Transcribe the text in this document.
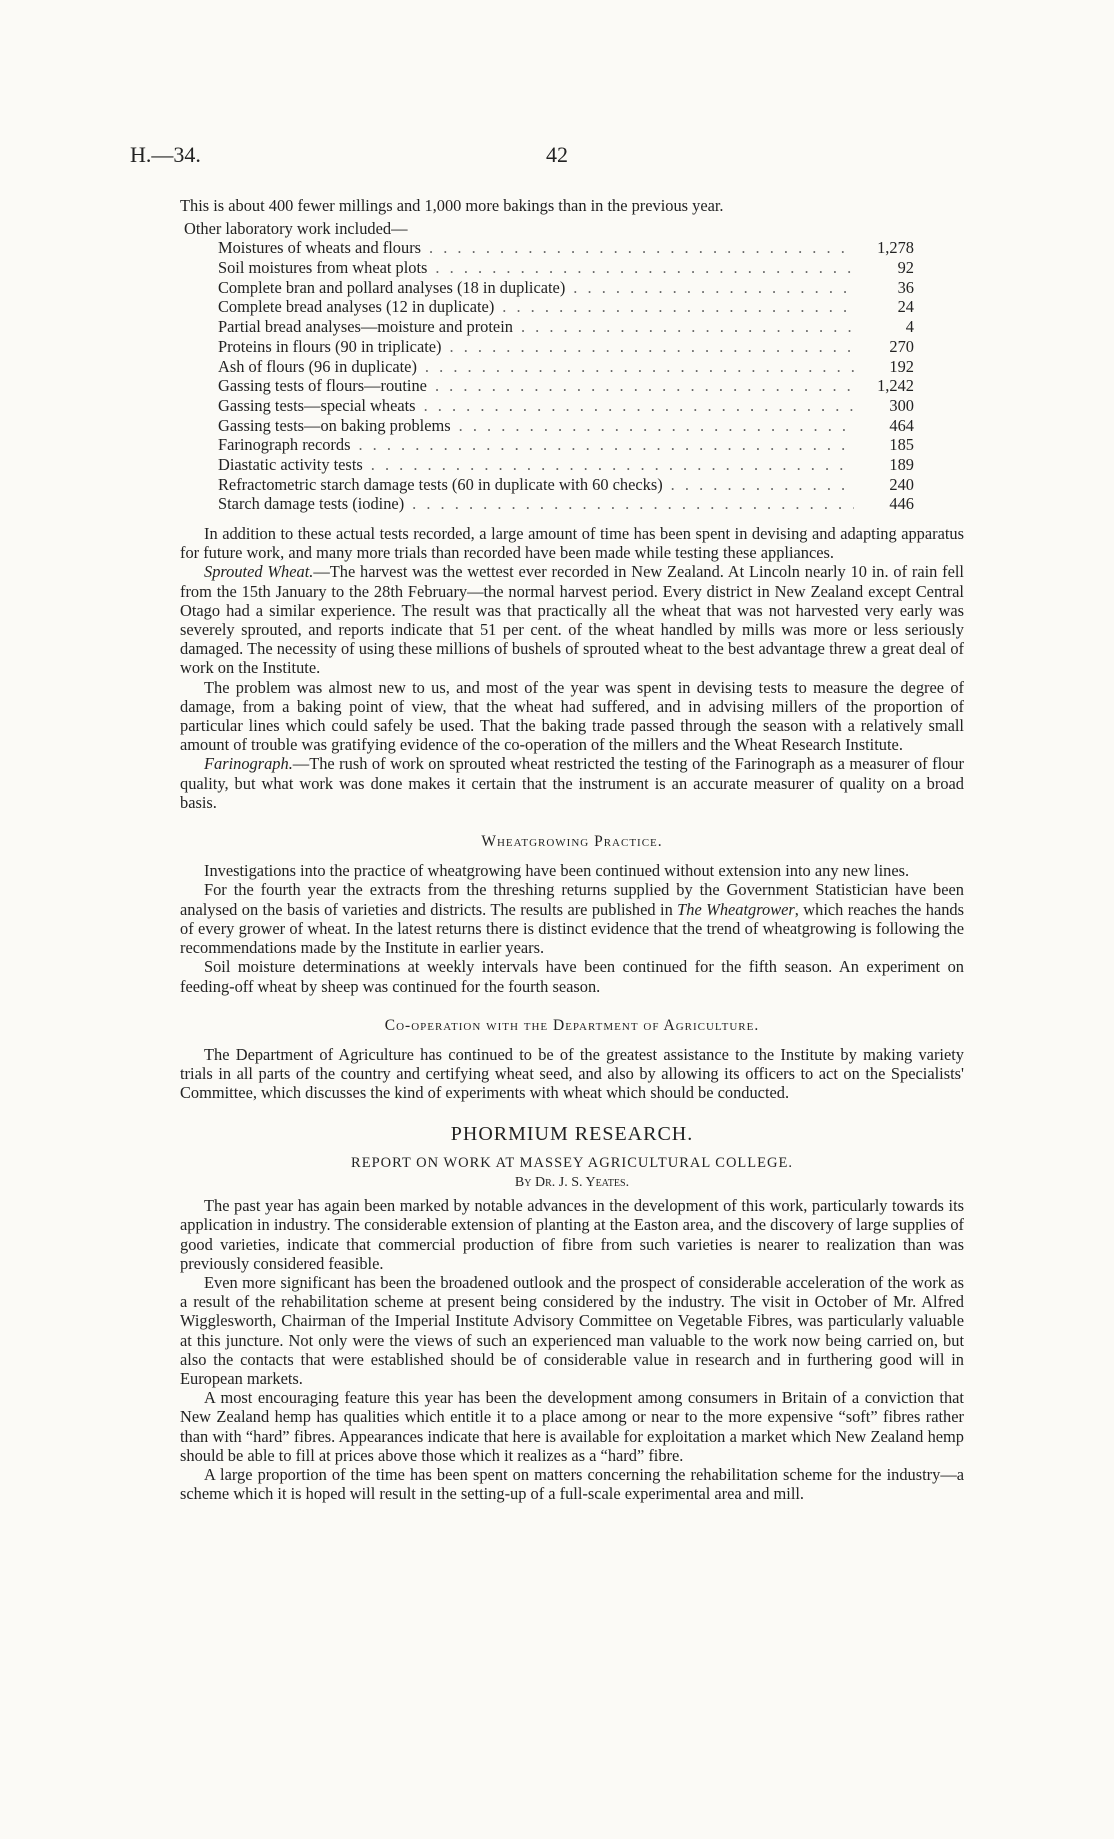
H.—34.	42

This is about 400 fewer millings and 1,000 more bakings than in the previous year.

Other laboratory work included—
Moistures of wheats and flours . . .	1,278
Soil moistures from wheat plots . . .	92
Complete bran and pollard analyses (18 in duplicate) . . .	36
Complete bread analyses (12 in duplicate) . . .	24
Partial bread analyses—moisture and protein . . .	4
Proteins in flours (90 in triplicate) . . .	270
Ash of flours (96 in duplicate) . . .	192
Gassing tests of flours—routine . . .	1,242
Gassing tests—special wheats . . .	300
Gassing tests—on baking problems . . .	464
Farinograph records . . .	185
Diastatic activity tests . . .	189
Refractometric starch damage tests (60 in duplicate with 60 checks) . . .	240
Starch damage tests (iodine) . . .	446

In addition to these actual tests recorded, a large amount of time has been spent in devising and adapting apparatus for future work, and many more trials than recorded have been made while testing these appliances.

Sprouted Wheat.—The harvest was the wettest ever recorded in New Zealand. At Lincoln nearly 10 in. of rain fell from the 15th January to the 28th February—the normal harvest period. Every district in New Zealand except Central Otago had a similar experience. The result was that practically all the wheat that was not harvested very early was severely sprouted, and reports indicate that 51 per cent. of the wheat handled by mills was more or less seriously damaged. The necessity of using these millions of bushels of sprouted wheat to the best advantage threw a great deal of work on the Institute.

The problem was almost new to us, and most of the year was spent in devising tests to measure the degree of damage, from a baking point of view, that the wheat had suffered, and in advising millers of the proportion of particular lines which could safely be used. That the baking trade passed through the season with a relatively small amount of trouble was gratifying evidence of the co-operation of the millers and the Wheat Research Institute.

Farinograph.—The rush of work on sprouted wheat restricted the testing of the Farinograph as a measurer of flour quality, but what work was done makes it certain that the instrument is an accurate measurer of quality on a broad basis.

Wheatgrowing Practice.

Investigations into the practice of wheatgrowing have been continued without extension into any new lines.

For the fourth year the extracts from the threshing returns supplied by the Government Statistician have been analysed on the basis of varieties and districts. The results are published in The Wheatgrower, which reaches the hands of every grower of wheat. In the latest returns there is distinct evidence that the trend of wheatgrowing is following the recommendations made by the Institute in earlier years.

Soil moisture determinations at weekly intervals have been continued for the fifth season. An experiment on feeding-off wheat by sheep was continued for the fourth season.

Co-operation with the Department of Agriculture.

The Department of Agriculture has continued to be of the greatest assistance to the Institute by making variety trials in all parts of the country and certifying wheat seed, and also by allowing its officers to act on the Specialists' Committee, which discusses the kind of experiments with wheat which should be conducted.

PHORMIUM RESEARCH.
REPORT ON WORK AT MASSEY AGRICULTURAL COLLEGE.
By Dr. J. S. Yeates.

The past year has again been marked by notable advances in the development of this work, particularly towards its application in industry. The considerable extension of planting at the Easton area, and the discovery of large supplies of good varieties, indicate that commercial production of fibre from such varieties is nearer to realization than was previously considered feasible.

Even more significant has been the broadened outlook and the prospect of considerable acceleration of the work as a result of the rehabilitation scheme at present being considered by the industry. The visit in October of Mr. Alfred Wigglesworth, Chairman of the Imperial Institute Advisory Committee on Vegetable Fibres, was particularly valuable at this juncture. Not only were the views of such an experienced man valuable to the work now being carried on, but also the contacts that were established should be of considerable value in research and in furthering good will in European markets.

A most encouraging feature this year has been the development among consumers in Britain of a conviction that New Zealand hemp has qualities which entitle it to a place among or near to the more expensive “soft” fibres rather than with “hard” fibres. Appearances indicate that here is available for exploitation a market which New Zealand hemp should be able to fill at prices above those which it realizes as a “hard” fibre.

A large proportion of the time has been spent on matters concerning the rehabilitation scheme for the industry—a scheme which it is hoped will result in the setting-up of a full-scale experimental area and mill.
